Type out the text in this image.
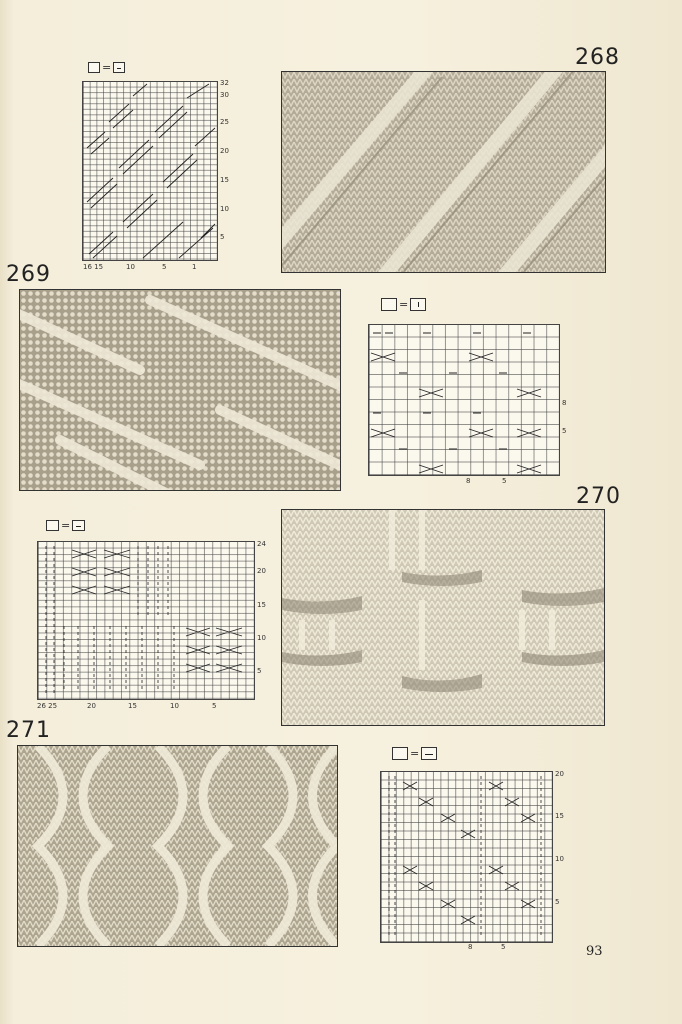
=
32
30
25
20
15
10
5
16 15	10	5	1
268
269
=
8
5
8	5
270
=
24
20
15
10
5
26 25	20	15	10	5
271
=
20
15
10
5
8	5	93
